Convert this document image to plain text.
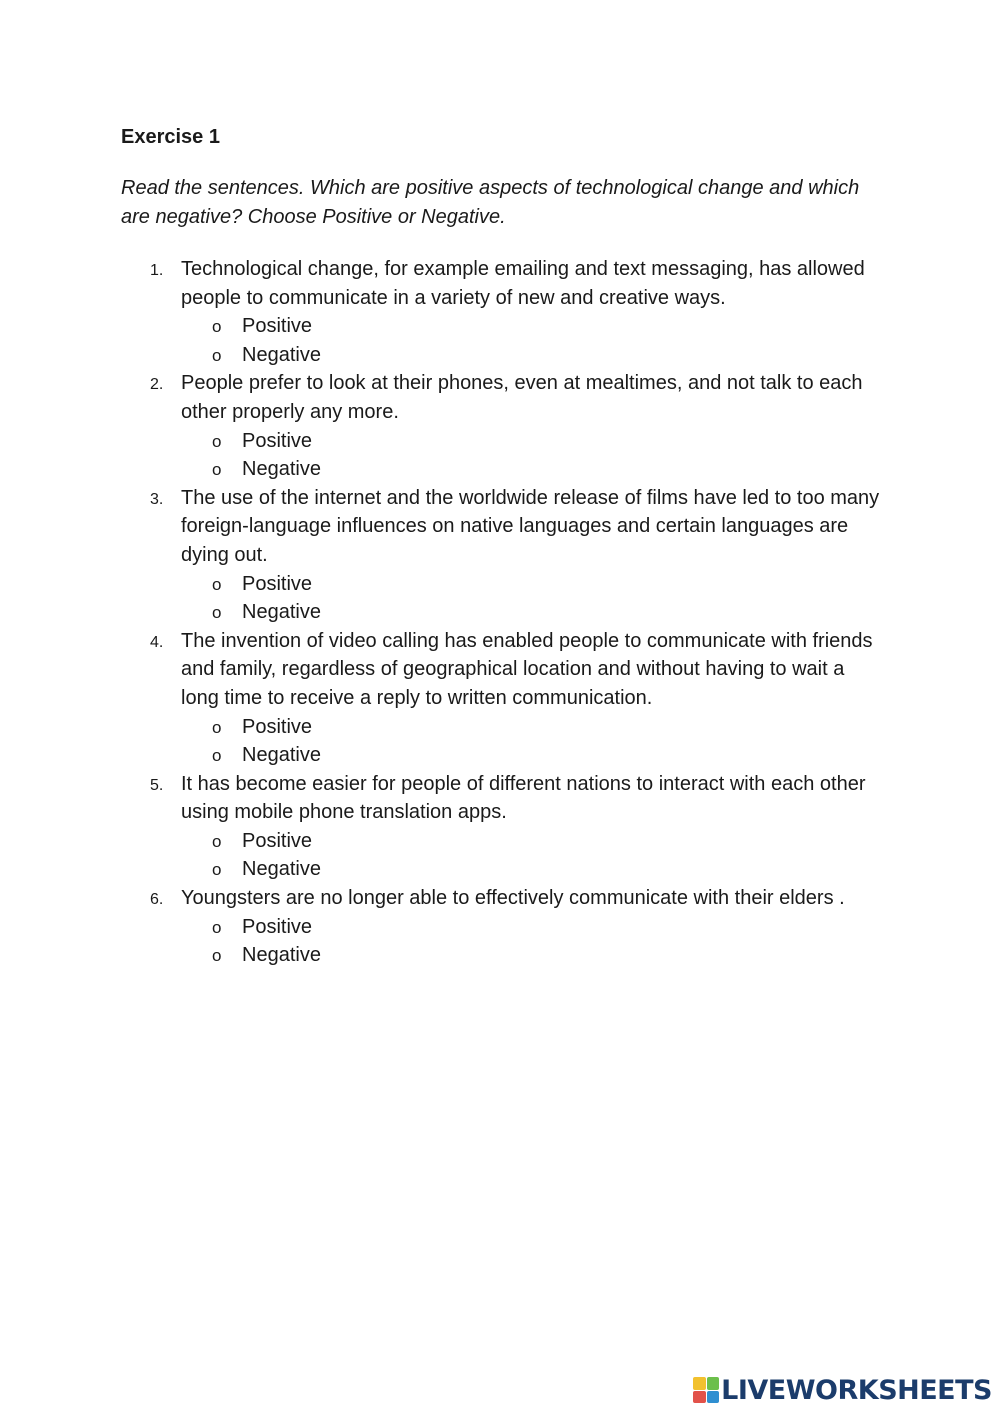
Exercise 1
Read the sentences. Which are positive aspects of technological change and which are negative? Choose Positive or Negative.
1. Technological change, for example emailing and text messaging, has allowed people to communicate in a variety of new and creative ways.
o Positive
o Negative
2. People prefer to look at their phones, even at mealtimes, and not talk to each other properly any more.
o Positive
o Negative
3. The use of the internet and the worldwide release of films have led to too many foreign-language influences on native languages and certain languages are dying out.
o Positive
o Negative
4. The invention of video calling has enabled people to communicate with friends and family, regardless of geographical location and without having to wait a long time to receive a reply to written communication.
o Positive
o Negative
5. It has become easier for people of different nations to interact with each other using mobile phone translation apps.
o Positive
o Negative
6. Youngsters are no longer able to effectively communicate with their elders .
o Positive
o Negative
LIVEWORKSHEETS
